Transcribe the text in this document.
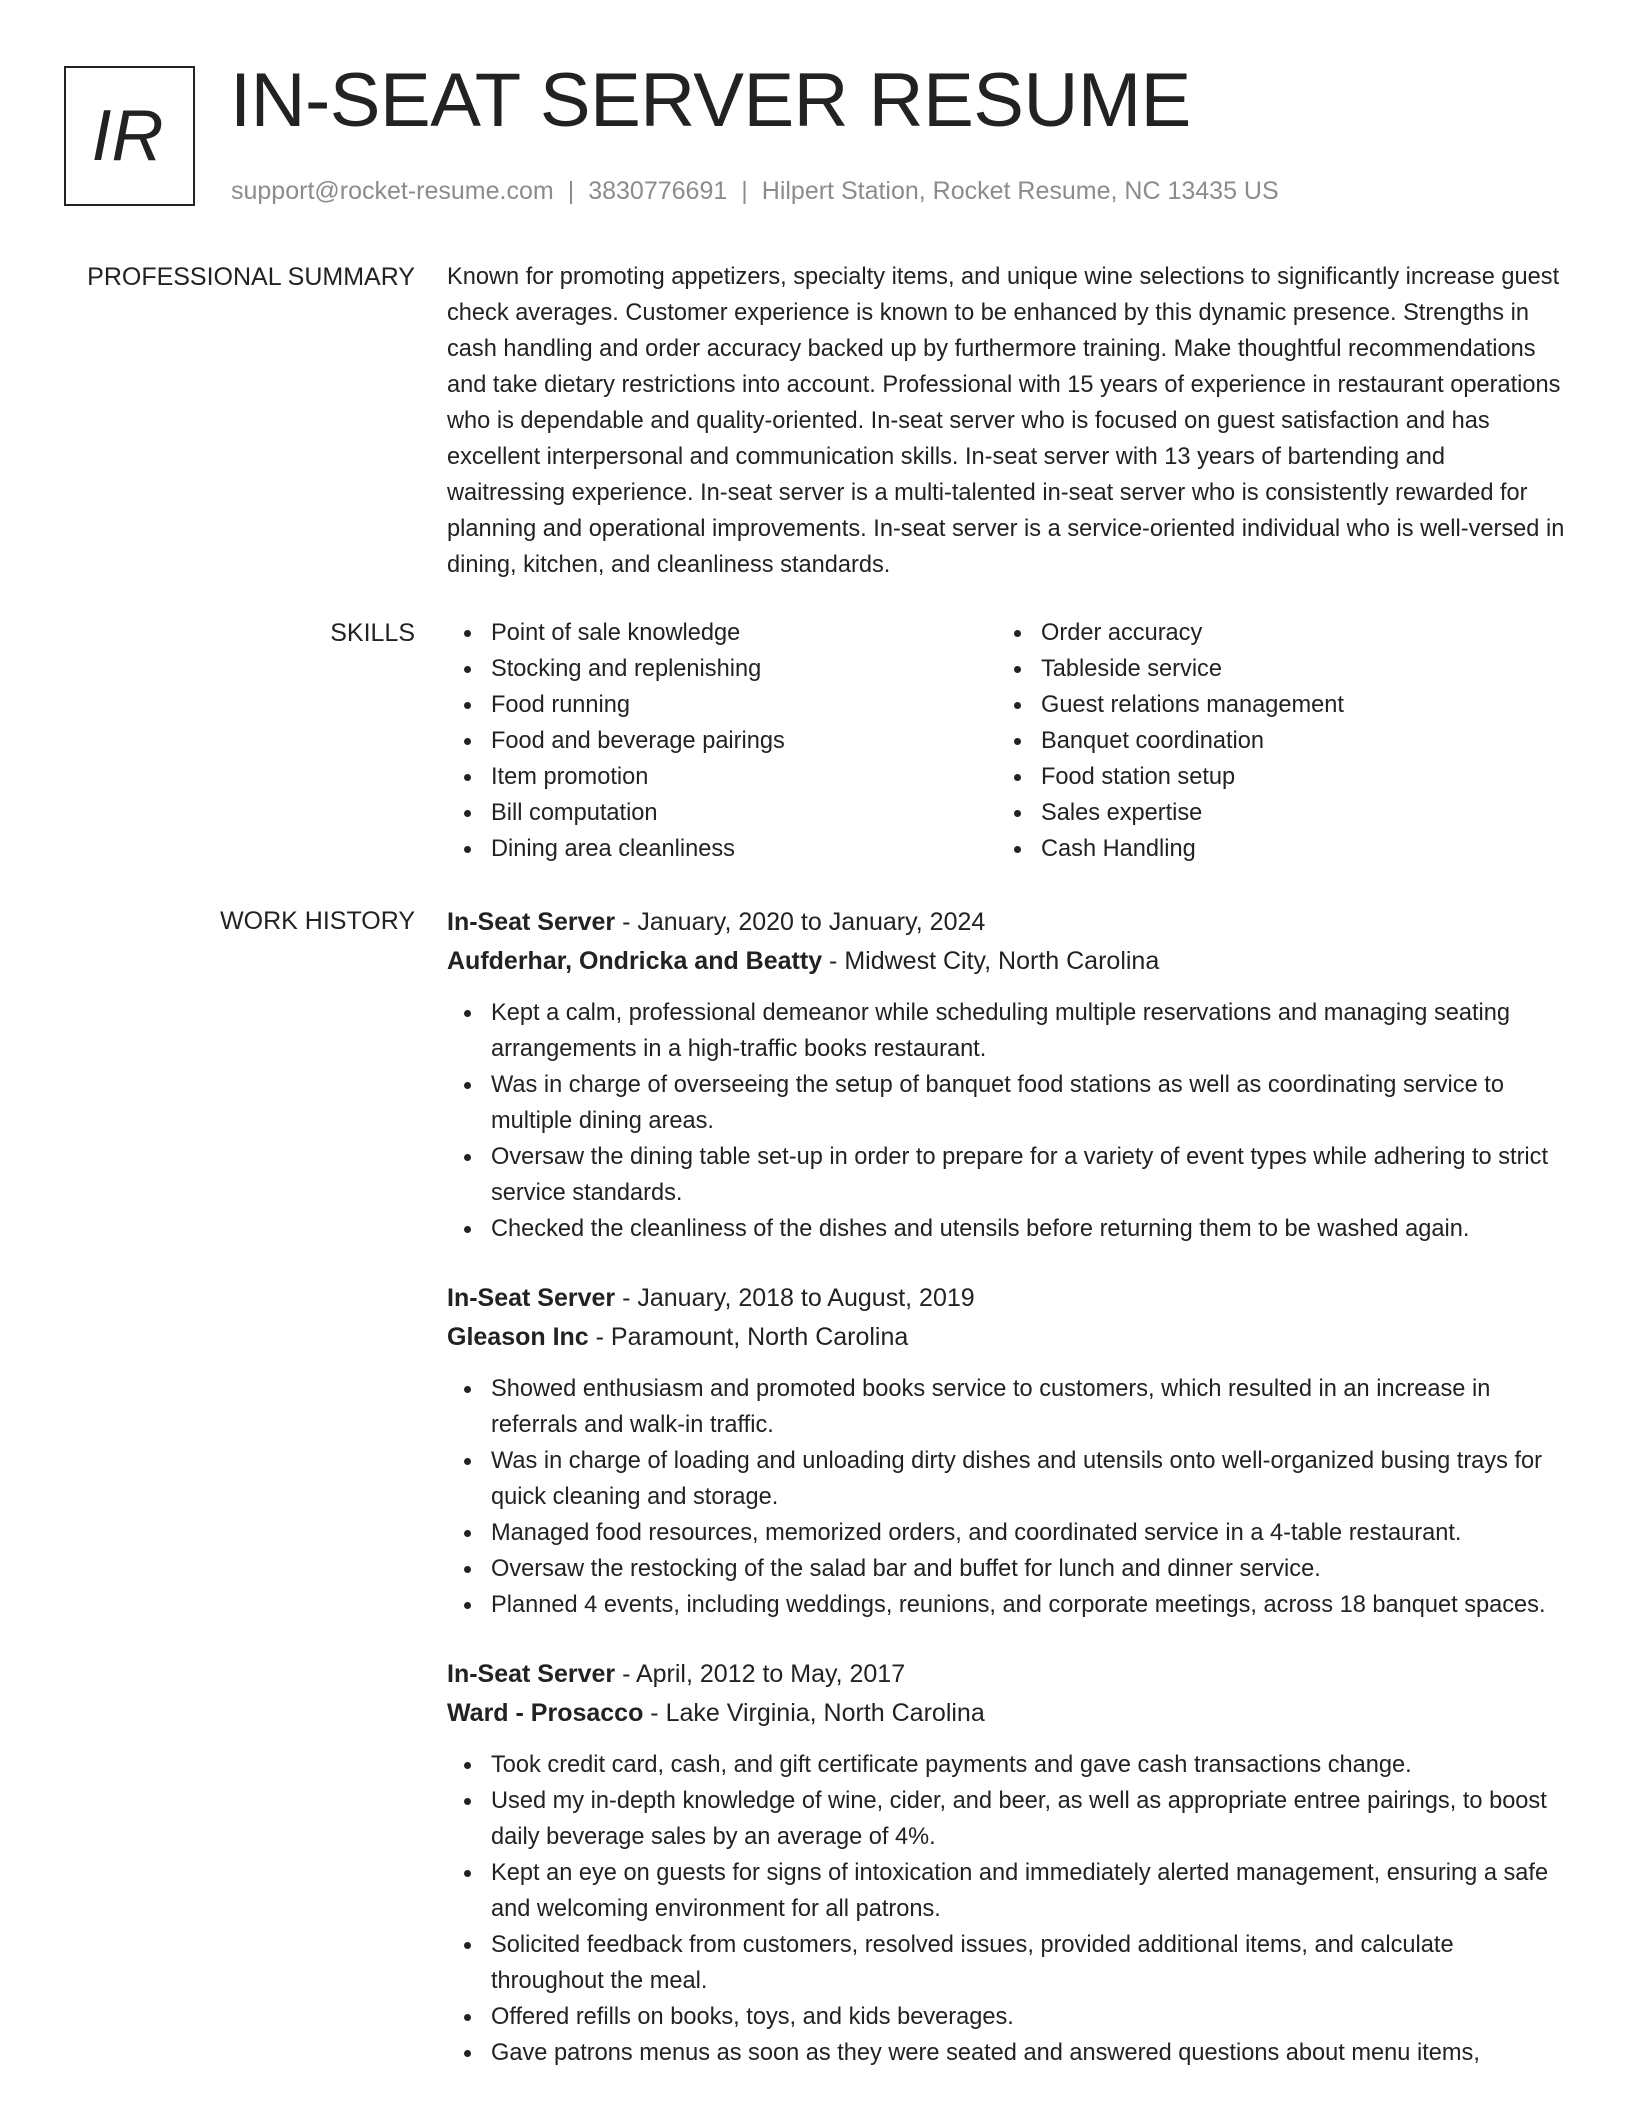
IR IN-SEAT SERVER RESUME
support@rocket-resume.com | 3830776691 | Hilpert Station, Rocket Resume, NC 13435 US
PROFESSIONAL SUMMARY Known for promoting appetizers, specialty items, and unique wine selections to significantly increase guest check averages. Customer experience is known to be enhanced by this dynamic presence. Strengths in cash handling and order accuracy backed up by furthermore training. Make thoughtful recommendations and take dietary restrictions into account. Professional with 15 years of experience in restaurant operations who is dependable and quality-oriented. In-seat server who is focused on guest satisfaction and has excellent interpersonal and communication skills. In-seat server with 13 years of bartending and waitressing experience. In-seat server is a multi-talented in-seat server who is consistently rewarded for planning and operational improvements. In-seat server is a service-oriented individual who is well-versed in dining, kitchen, and cleanliness standards.

SKILLS	Point of sale knowledge
Stocking and replenishing
Food running
Food and beverage pairings
Item promotion
Bill computation
Dining area cleanliness
Order accuracy
Tableside service
Guest relations management
Banquet coordination
Food station setup
Sales expertise
Cash Handling
WORK HISTORY In-Seat Server - January, 2020 to January, 2024
Aufderhar, Ondricka and Beatty - Midwest City, North Carolina
Kept a calm, professional demeanor while scheduling multiple reservations and managing seating arrangements in a high-traffic books restaurant.
Was in charge of overseeing the setup of banquet food stations as well as coordinating service to multiple dining areas.
Oversaw the dining table set-up in order to prepare for a variety of event types while adhering to strict service standards.
Checked the cleanliness of the dishes and utensils before returning them to be washed again.
In-Seat Server - January, 2018 to August, 2019
Gleason Inc - Paramount, North Carolina
Showed enthusiasm and promoted books service to customers, which resulted in an increase in referrals and walk-in traffic.
Was in charge of loading and unloading dirty dishes and utensils onto well-organized busing trays for quick cleaning and storage.
Managed food resources, memorized orders, and coordinated service in a 4-table restaurant.
Oversaw the restocking of the salad bar and buffet for lunch and dinner service.
Planned 4 events, including weddings, reunions, and corporate meetings, across 18 banquet spaces.
In-Seat Server - April, 2012 to May, 2017
Ward - Prosacco - Lake Virginia, North Carolina
Took credit card, cash, and gift certificate payments and gave cash transactions change.
Used my in-depth knowledge of wine, cider, and beer, as well as appropriate entree pairings, to boost daily beverage sales by an average of 4%.
Kept an eye on guests for signs of intoxication and immediately alerted management, ensuring a safe and welcoming environment for all patrons.
Solicited feedback from customers, resolved issues, provided additional items, and calculate throughout the meal.
Offered refills on books, toys, and kids beverages.
Gave patrons menus as soon as they were seated and answered questions about menu items,
